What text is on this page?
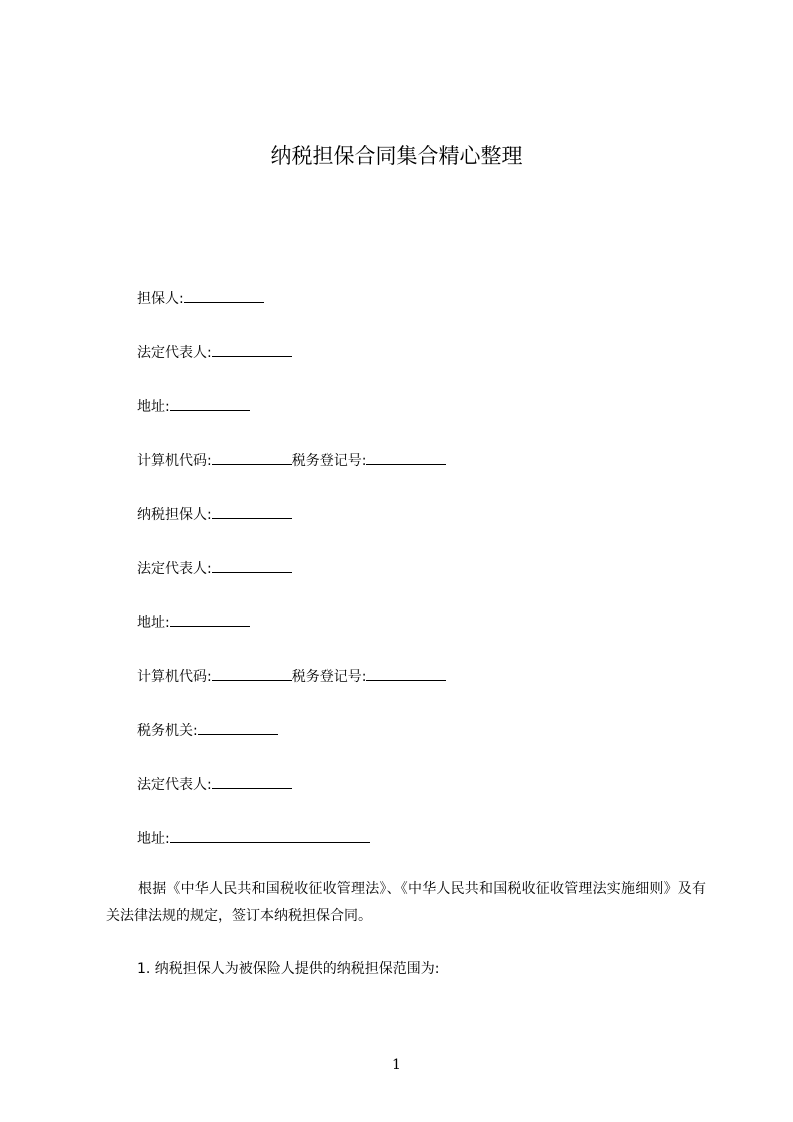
纳税担保合同集合精心整理
担保人:
法定代表人:
地址:
计算机代码:	税务登记号:
纳税担保人:
法定代表人:
地址:
计算机代码:	税务登记号:
税务机关:
法定代表人:
地址:
根据《中华人民共和国税收征收管理法》、《中华人民共和国税收征收管理法实施细则》及有关法律法规的规定，签订本纳税担保合同。
1. 纳税担保人为被保险人提供的纳税担保范围为:
1
